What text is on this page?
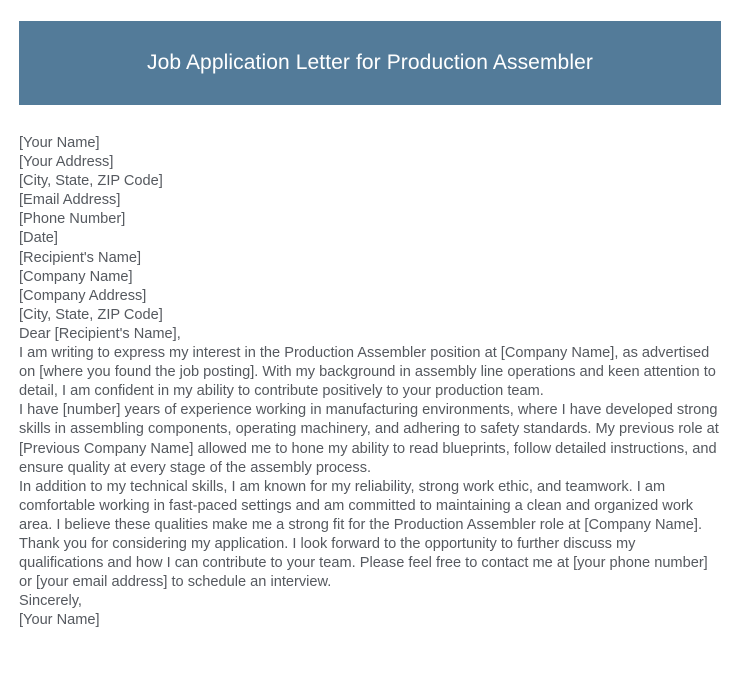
Job Application Letter for Production Assembler
[Your Name]
[Your Address]
[City, State, ZIP Code]
[Email Address]
[Phone Number]
[Date]
[Recipient's Name]
[Company Name]
[Company Address]
[City, State, ZIP Code]
Dear [Recipient's Name],

I am writing to express my interest in the Production Assembler position at [Company Name], as advertised on [where you found the job posting]. With my background in assembly line operations and keen attention to detail, I am confident in my ability to contribute positively to your production team.

I have [number] years of experience working in manufacturing environments, where I have developed strong skills in assembling components, operating machinery, and adhering to safety standards. My previous role at [Previous Company Name] allowed me to hone my ability to read blueprints, follow detailed instructions, and ensure quality at every stage of the assembly process.

In addition to my technical skills, I am known for my reliability, strong work ethic, and teamwork. I am comfortable working in fast-paced settings and am committed to maintaining a clean and organized work area. I believe these qualities make me a strong fit for the Production Assembler role at [Company Name].

Thank you for considering my application. I look forward to the opportunity to further discuss my qualifications and how I can contribute to your team. Please feel free to contact me at [your phone number] or [your email address] to schedule an interview.

Sincerely,
[Your Name]
